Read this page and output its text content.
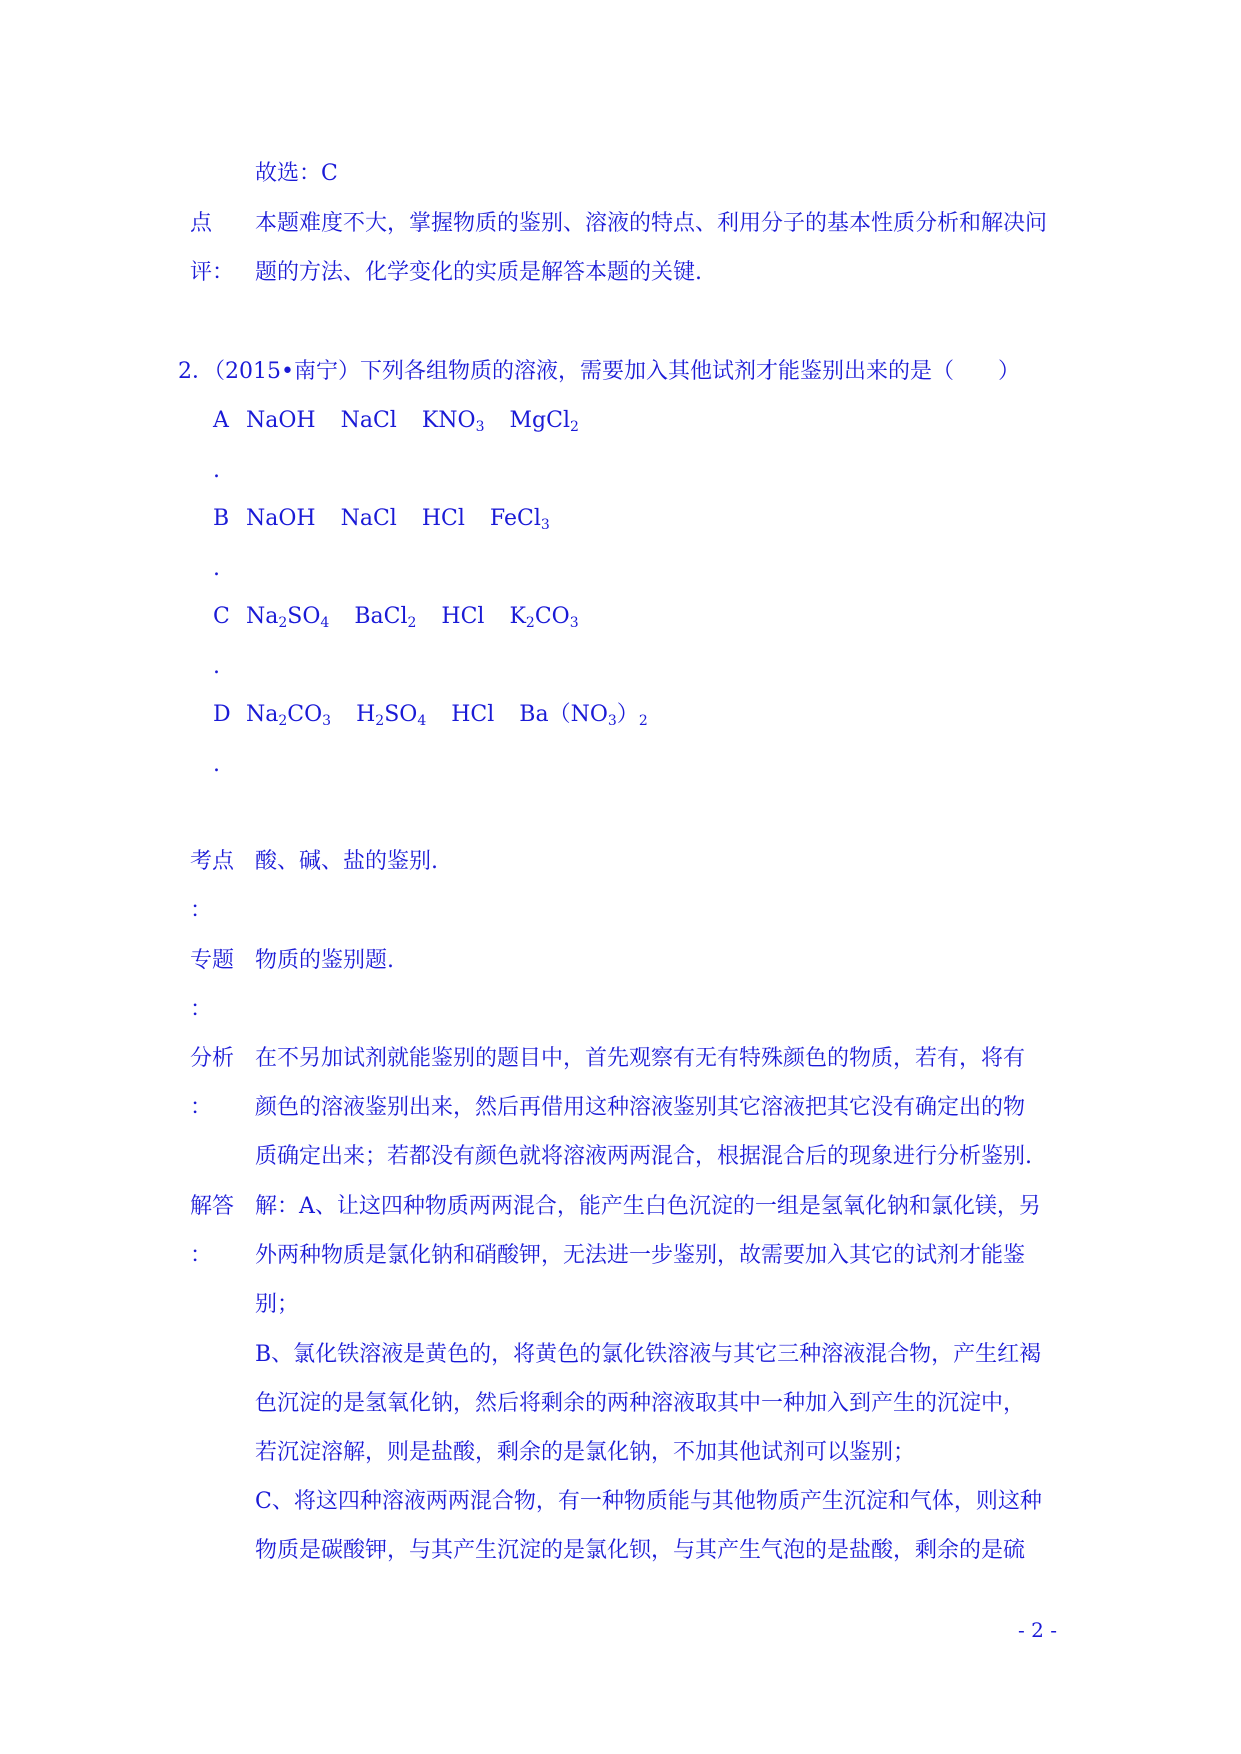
故选：C
点 本题难度不大，掌握物质的鉴别、溶液的特点、利用分子的基本性质分析和解决问
评： 题的方法、化学变化的实质是解答本题的关键.
2．（2015•南宁）下列各组物质的溶液，需要加入其他试剂才能鉴别出来的是（　　）
A NaOH NaCl $KNO_3$ MgCl$_2$
.
B NaOH NaCl HCl FeCl$_3$
.
C $Na_2SO_4$ BaCl$_2$ HCl $K_2CO_3$
.
D $Na_2CO_3$ $H_2SO_4$ HCl $Ba(NO_3)_2$
.
考点 酸、碱、盐的鉴别.
：
专题 物质的鉴别题.
：
分析 在不另加试剂就能鉴别的题目中，首先观察有无有特殊颜色的物质，若有，将有
： 颜色的溶液鉴别出来，然后再借用这种溶液鉴别其它溶液把其它没有确定出的物
质确定出来；若都没有颜色就将溶液两两混合，根据混合后的现象进行分析鉴别.
解答 解：A、让这四种物质两两混合，能产生白色沉淀的一组是氢氧化钠和氯化镁，另
： 外两种物质是氯化钠和硝酸钾，无法进一步鉴别，故需要加入其它的试剂才能鉴
别；
B、氯化铁溶液是黄色的，将黄色的氯化铁溶液与其它三种溶液混合物，产生红褐
色沉淀的是氢氧化钠，然后将剩余的两种溶液取其中一种加入到产生的沉淀中，
若沉淀溶解，则是盐酸，剩余的是氯化钠，不加其他试剂可以鉴别；
C、将这四种溶液两两混合物，有一种物质能与其他物质产生沉淀和气体，则这种
物质是碳酸钾，与其产生沉淀的是氯化钡，与其产生气泡的是盐酸，剩余的是硫
- 2 -
